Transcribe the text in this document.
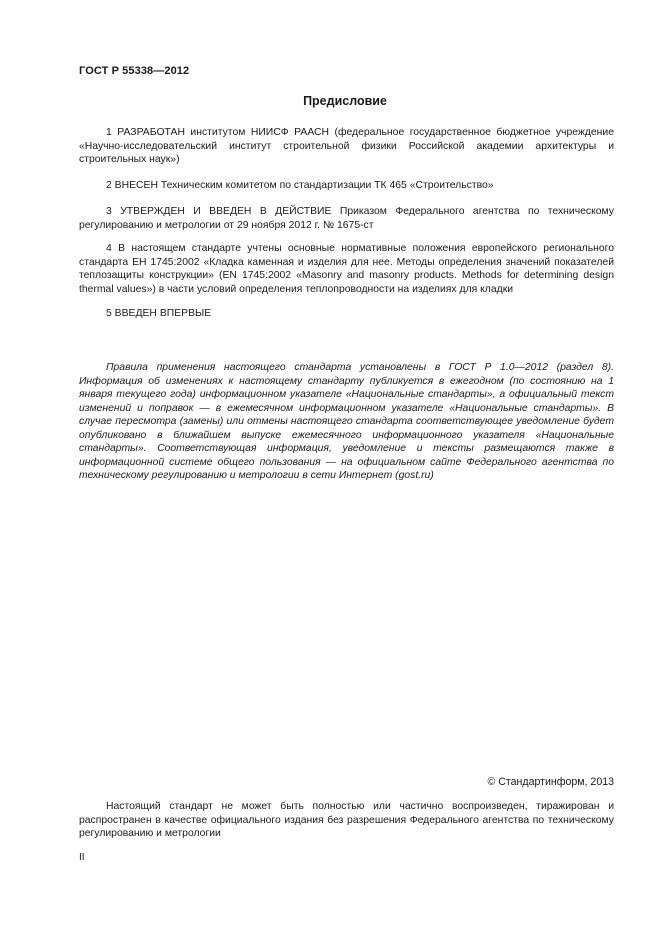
ГОСТ Р 55338—2012
Предисловие

1 РАЗРАБОТАН институтом НИИСФ РААСН (федеральное государственное бюджетное учреждение «Научно-исследовательский институт строительной физики Российской академии архитектуры и строительных наук»)

2 ВНЕСЕН Техническим комитетом по стандартизации ТК 465 «Строительство»

3 УТВЕРЖДЕН И ВВЕДЕН В ДЕЙСТВИЕ Приказом Федерального агентства по техническому регулированию и метрологии от 29 ноября 2012 г. № 1675-ст

4 В настоящем стандарте учтены основные нормативные положения европейского регионального стандарта ЕН 1745:2002 «Кладка каменная и изделия для нее. Методы определения значений показателей теплозащиты конструкции» (EN 1745:2002 «Masonry and masonry products. Methods for determining design thermal values») в части условий определения теплопроводности на изделиях для кладки

5 ВВЕДЕН ВПЕРВЫЕ

Правила применения настоящего стандарта установлены в ГОСТ Р 1.0—2012 (раздел 8). Информация об изменениях к настоящему стандарту публикуется в ежегодном (по состоянию на 1 января текущего года) информационном указателе «Национальные стандарты», а официальный текст изменений и поправок — в ежемесячном информационном указателе «Национальные стандарты». В случае пересмотра (замены) или отмены настоящего стандарта соответствующее уведомление будет опубликовано в ближайшем выпуске ежемесячного информационного указателя «Национальные стандарты». Соответствующая информация, уведомление и тексты размещаются также в информационной системе общего пользования — на официальном сайте Федерального агентства по техническому регулированию и метрологии в сети Интернет (gost.ru)

© Стандартинформ, 2013

Настоящий стандарт не может быть полностью или частично воспроизведен, тиражирован и распространен в качестве официального издания без разрешения Федерального агентства по техническому регулированию и метрологии

II
